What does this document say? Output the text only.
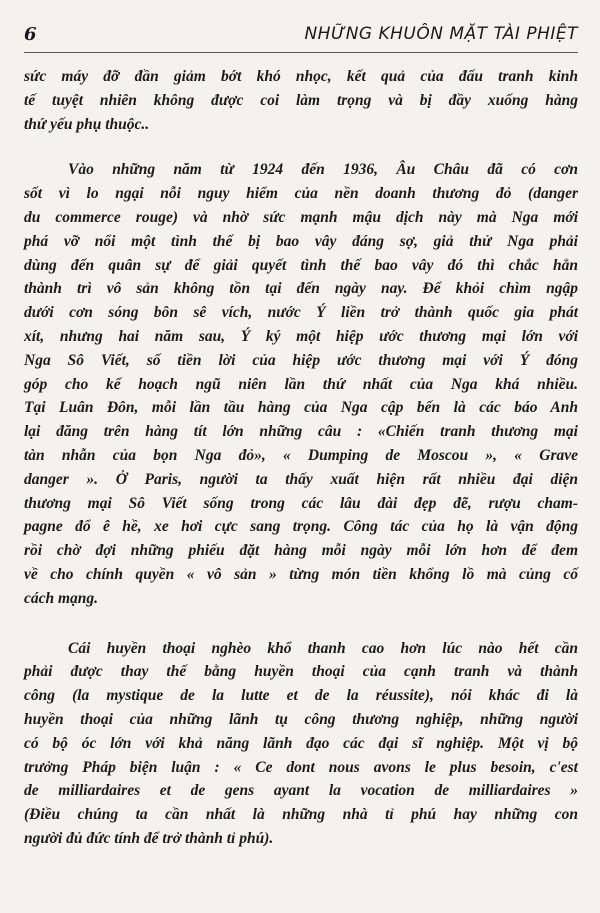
6	NHỮNG KHUÔN MẶT TÀI PHIỆT

sức máy đỡ đần giảm bớt khó nhọc, kết quả của đấu tranh kinh
tế tuyệt nhiên không được coi làm trọng và bị đầy xuống hàng
thứ yếu phụ thuộc..

Vào những năm từ 1924 đến 1936, Âu Châu đã có cơn
sốt vì lo ngại nỗi nguy hiểm của nền doanh thương đỏ (danger
du commerce rouge) và nhờ sức mạnh mậu dịch này mà Nga mới
phá vỡ nổi một tình thế bị bao vây đáng sợ, giả thử Nga phải
dùng đến quân sự để giải quyết tình thế bao vây đó thì chắc hẳn
thành trì vô sản không tồn tại đến ngày nay. Để khỏi chìm ngập
dưới cơn sóng bôn sê vích, nước Ý liền trở thành quốc gia phát
xít, nhưng hai năm sau, Ý ký một hiệp ước thương mại lớn với
Nga Sô Viết, số tiền lời của hiệp ước thương mại với Ý đóng
góp cho kế hoạch ngũ niên lần thứ nhất của Nga khá nhiều.
Tại Luân Đôn, mỗi lần tầu hàng của Nga cập bến là các báo Anh
lại đăng trên hàng tít lớn những câu : «Chiến tranh thương mại
tàn nhẫn của bọn Nga đỏ», « Dumping de Moscou », « Grave
danger ». Ở Paris, người ta thấy xuất hiện rất nhiều đại diện
thương mại Sô Viết sống trong các lâu đài đẹp đẽ, rượu cham-
pagne đổ ê hề, xe hơi cực sang trọng. Công tác của họ là vận động
rồi chờ đợi những phiếu đặt hàng mỗi ngày mỗi lớn hơn để đem
về cho chính quyền « vô sản » từng món tiền khổng lồ mà củng cố
cách mạng.

Cái huyền thoại nghèo khổ thanh cao hơn lúc nào hết cần
phải được thay thế bằng huyền thoại của cạnh tranh và thành
công (la mystique de la lutte et de la réussite), nói khác đi là
huyền thoại của những lãnh tụ công thương nghiệp, những người
có bộ óc lớn với khả năng lãnh đạo các đại sĩ nghiệp. Một vị bộ
trưởng Pháp biện luận : « Ce dont nous avons le plus besoin, c'est
de milliardaires et de gens ayant la vocation de milliardaires »
(Điều chúng ta cần nhất là những nhà tỉ phú hay những con
người đủ đức tính để trở thành tỉ phú).
